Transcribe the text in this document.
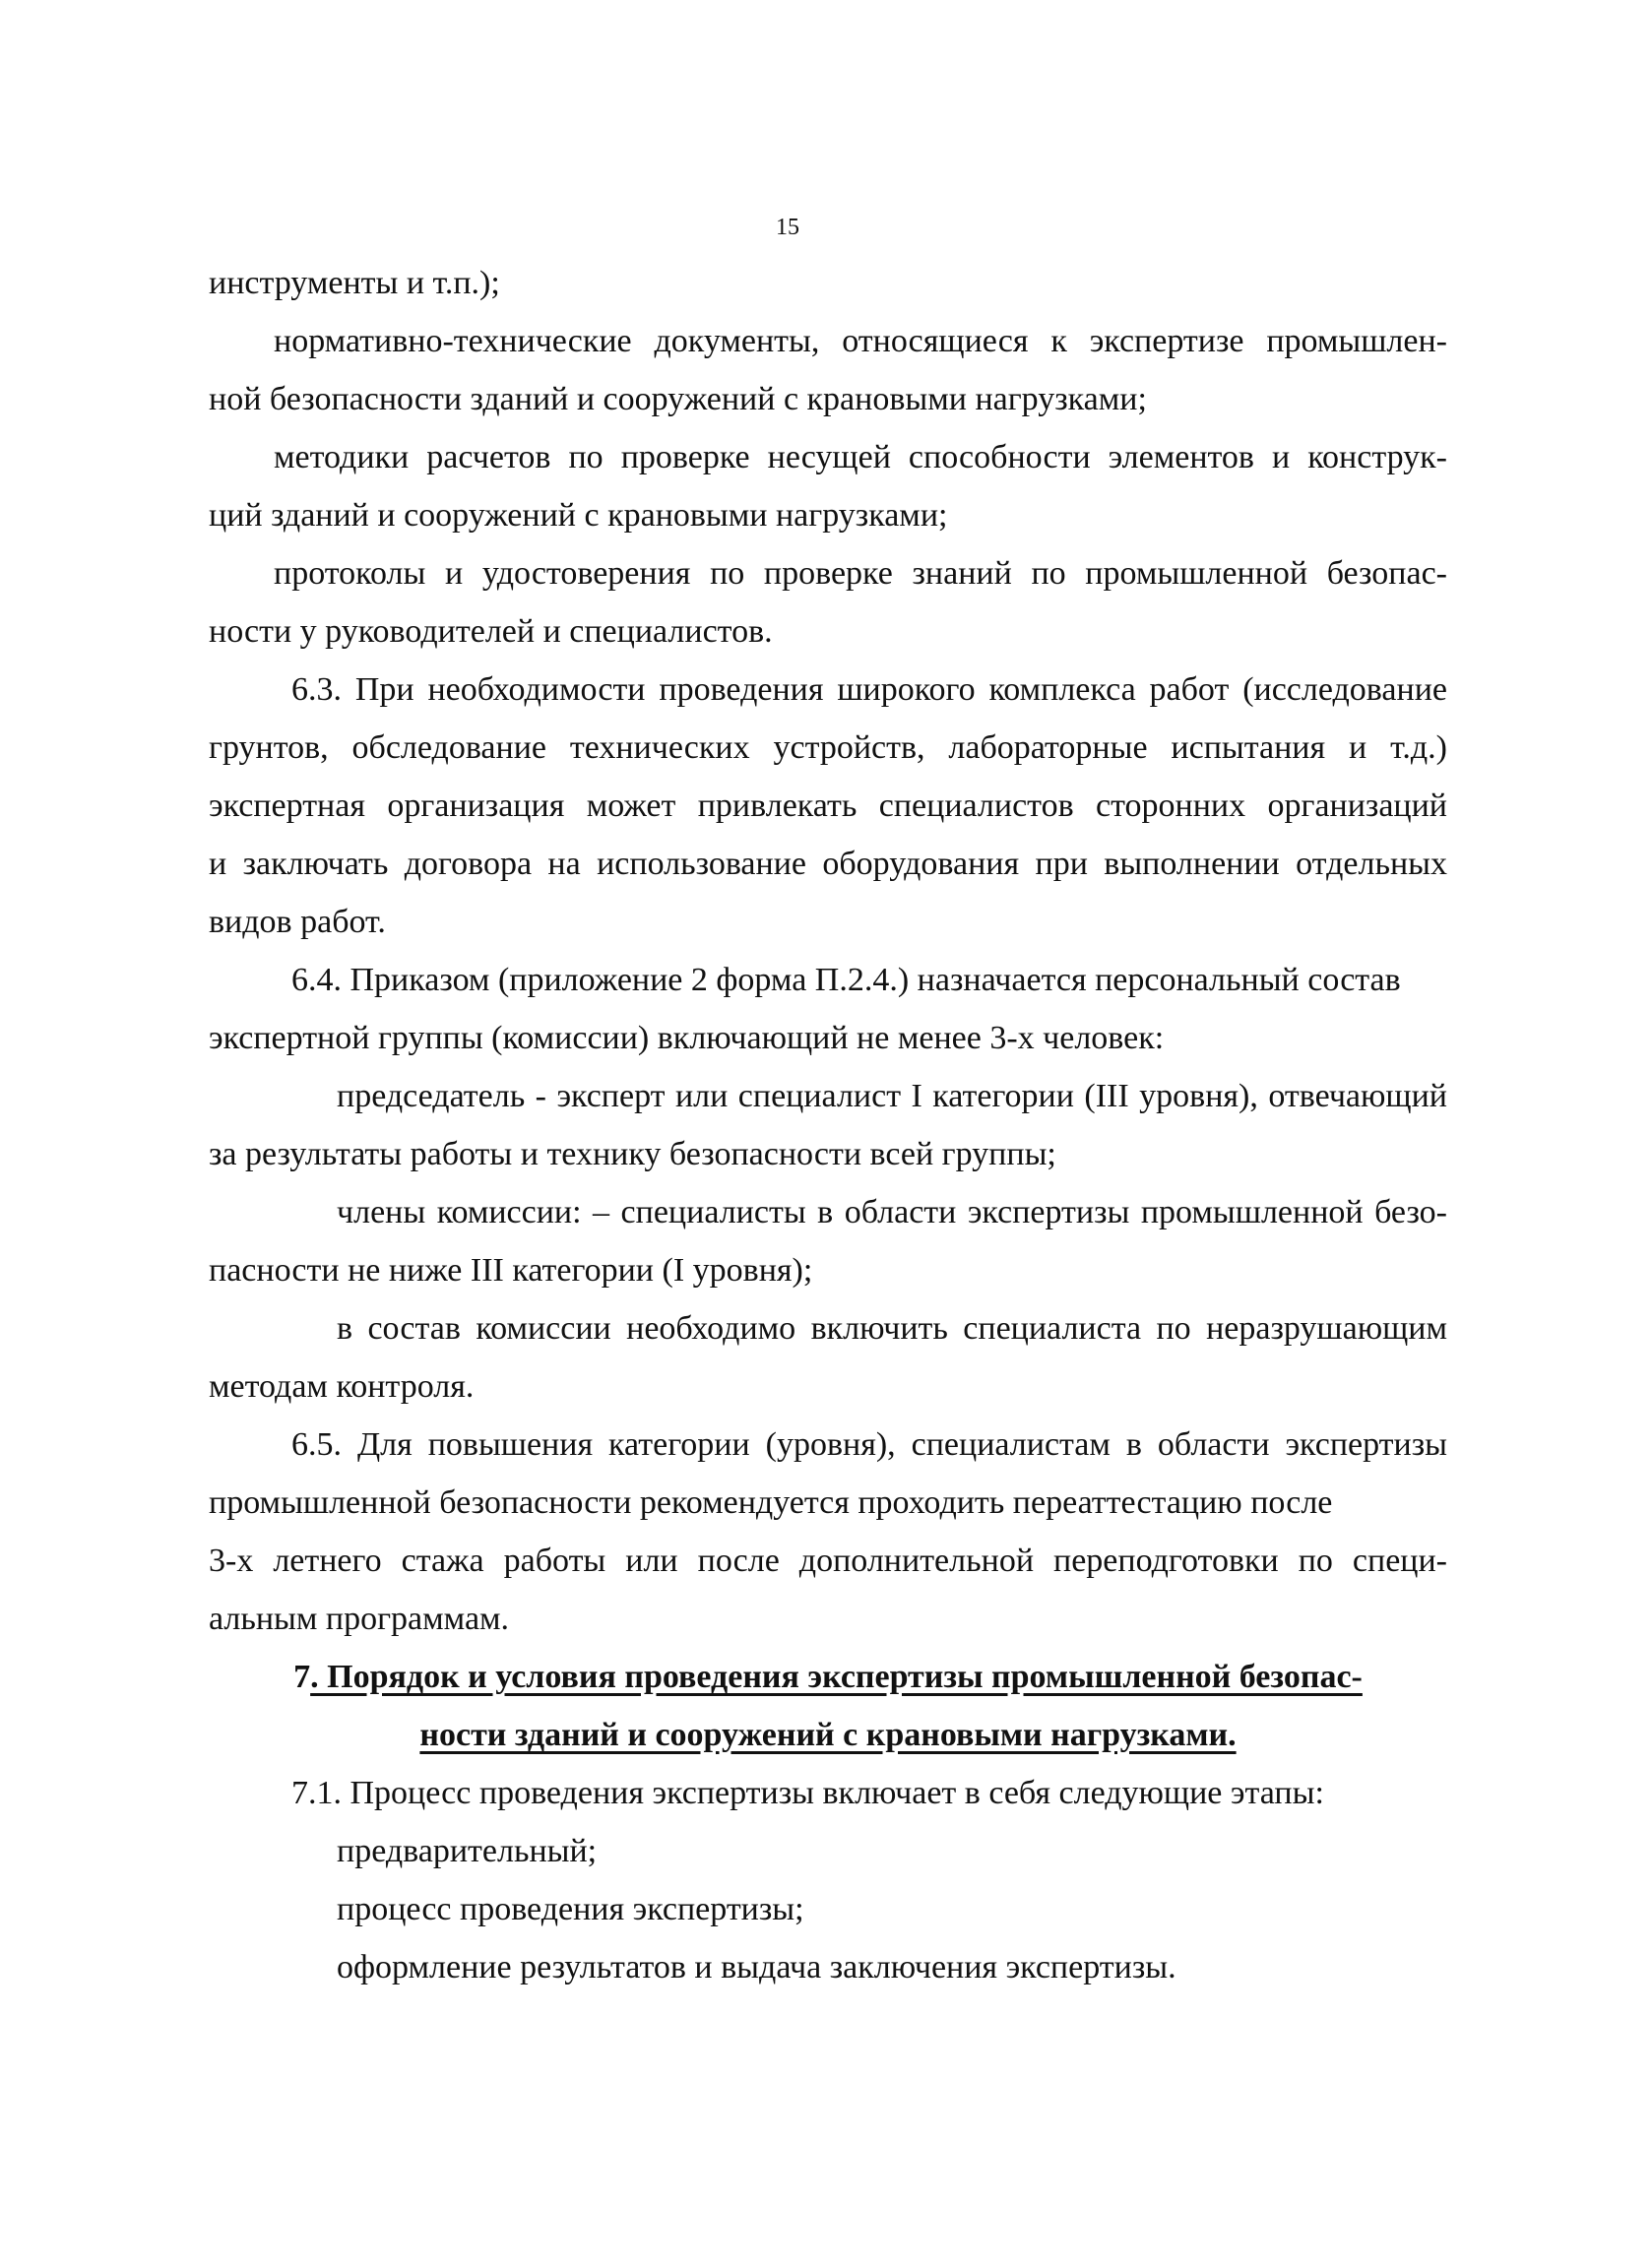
15
инструменты и т.п.);
нормативно-технические документы, относящиеся к экспертизе промышлен-
ной безопасности зданий и сооружений с крановыми нагрузками;
методики расчетов по проверке несущей способности элементов и конструк-
ций зданий и сооружений с крановыми нагрузками;
протоколы и удостоверения по проверке знаний по промышленной безопас-
ности у руководителей и специалистов.
6.3. При необходимости проведения широкого комплекса работ (исследование
грунтов, обследование технических устройств, лабораторные испытания и т.д.)
экспертная организация может привлекать специалистов сторонних организаций
и заключать договора на использование оборудования при выполнении отдельных
видов работ.
6.4. Приказом (приложение 2 форма П.2.4.) назначается персональный состав
экспертной группы (комиссии) включающий не менее 3-х человек:
председатель - эксперт или специалист I категории (III уровня), отвечающий
за результаты работы и технику безопасности всей группы;
члены комиссии: – специалисты в области экспертизы промышленной безо-
пасности не ниже III категории (I уровня);
в состав комиссии необходимо включить специалиста по неразрушающим
методам контроля.
6.5. Для повышения категории (уровня), специалистам в области экспертизы
промышленной безопасности рекомендуется проходить переаттестацию после
3-х летнего стажа работы или после дополнительной переподготовки по специ-
альным программам.
7. Порядок и условия проведения экспертизы промышленной безопас-
ности зданий и сооружений с крановыми нагрузками.
7.1. Процесс проведения экспертизы включает в себя следующие этапы:
предварительный;
процесс проведения экспертизы;
оформление результатов и выдача заключения экспертизы.
